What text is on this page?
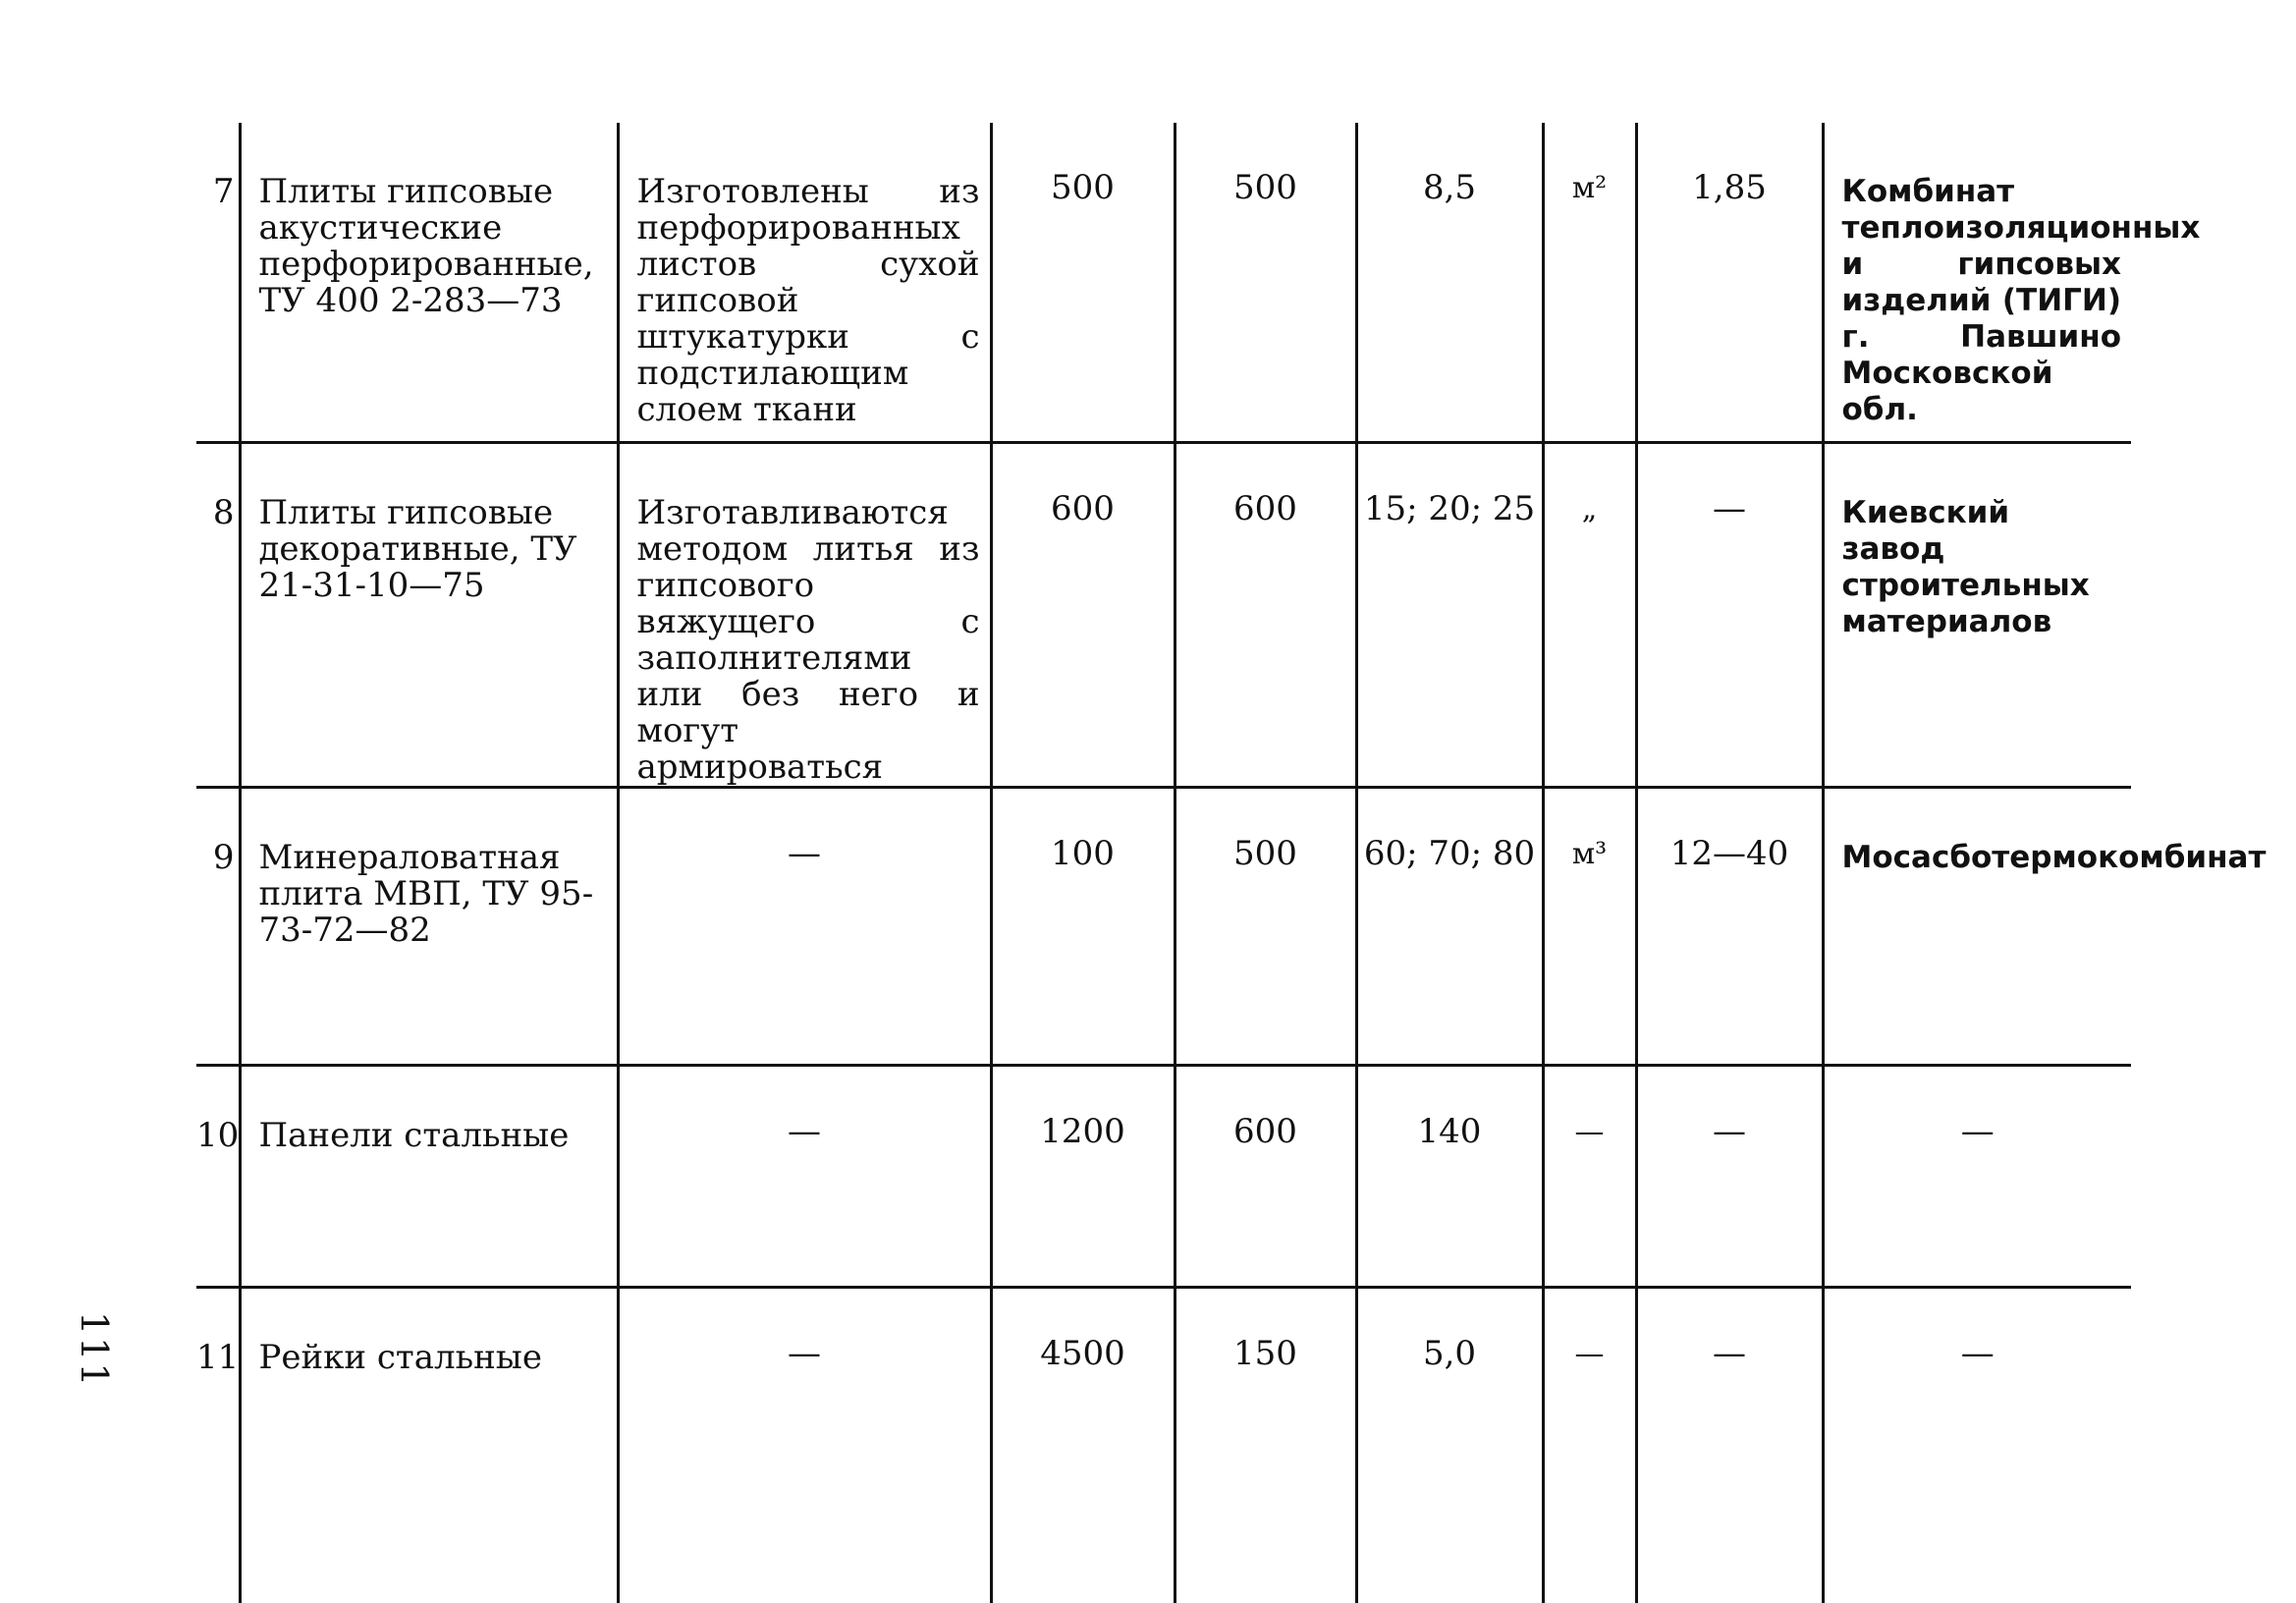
7	Плиты гипсовые акустические перфорированные, ТУ 400 2-283—73	Изготовлены из перфорированных листов сухой гипсовой штукатурки с подстилающим слоем ткани	500	500	8,5	м²	1,85	Комбинат теплоизоляционных и гипсовых изделий (ТИГИ) г. Павшино Московской обл.
8	Плиты гипсовые декоративные, ТУ 21-31-10—75	Изготавливаются методом литья из гипсового вяжущего с заполнителями или без него и могут армироваться	600	600	15; 20; 25	„	—	Киевский завод строительных материалов
9	Минераловатная плита МВП, ТУ 95-73-72—82	—	100	500	60; 70; 80	м³	12—40	Мосасботермокомбинат
10	Панели стальные	—	1200	600	140	—	—	—
11	Рейки стальные	—	4500	150	5,0	—	—	—
111
